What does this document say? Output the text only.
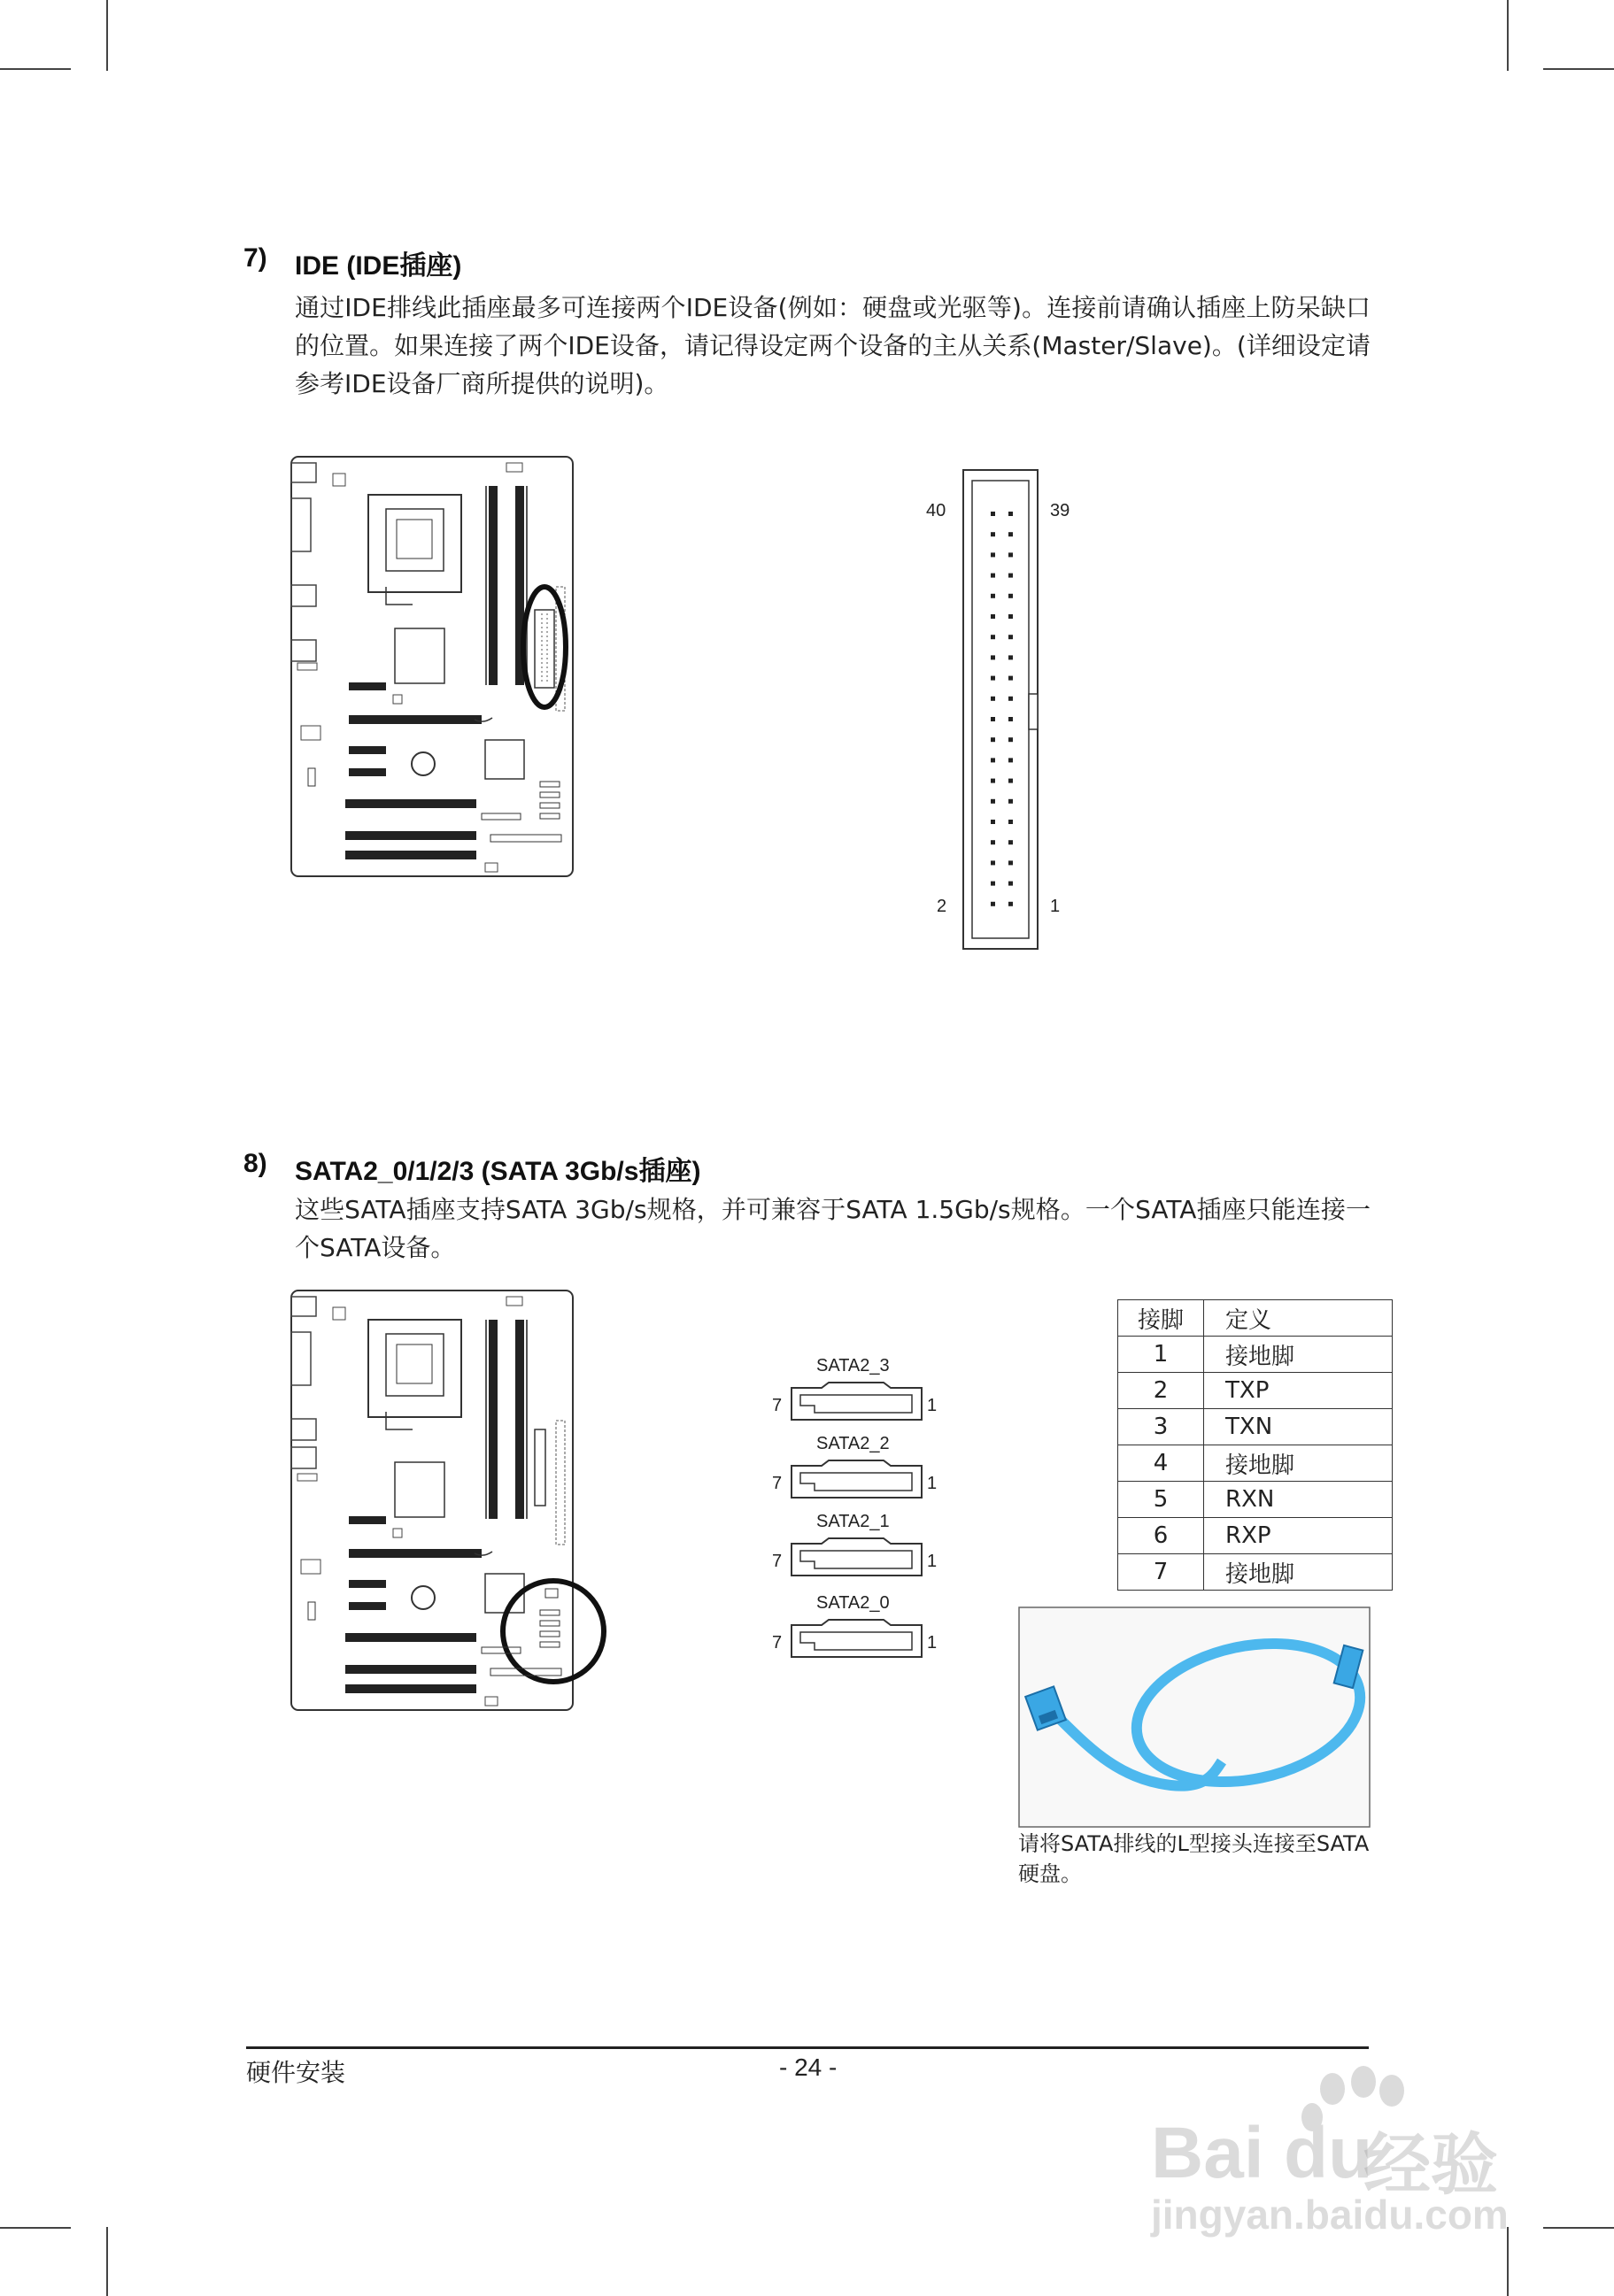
7) IDE (IDE插座)
通过IDE排线此插座最多可连接两个IDE设备(例如：硬盘或光驱等)。连接前请确认插座上防呆缺口的位置。如果连接了两个IDE设备，请记得设定两个设备的主从关系(Master/Slave)。(详细设定请参考IDE设备厂商所提供的说明)。
40	39
2	1
8) SATA2_0/1/2/3 (SATA 3Gb/s插座)
这些SATA插座支持SATA 3Gb/s规格，并可兼容于SATA 1.5Gb/s规格。一个SATA插座只能连接一个SATA设备。
SATA2_3
7	1
SATA2_2
7	1
SATA2_1
7	1
SATA2_0
7	1
接脚	定义
1	接地脚
2	TXP
3	TXN
4	接地脚
5	RXN
6	RXP
7	接地脚
请将SATA排线的L型接头连接至SATA硬盘。
硬件安装	- 24 -
Bai du
经验
jingyan.baidu.com
